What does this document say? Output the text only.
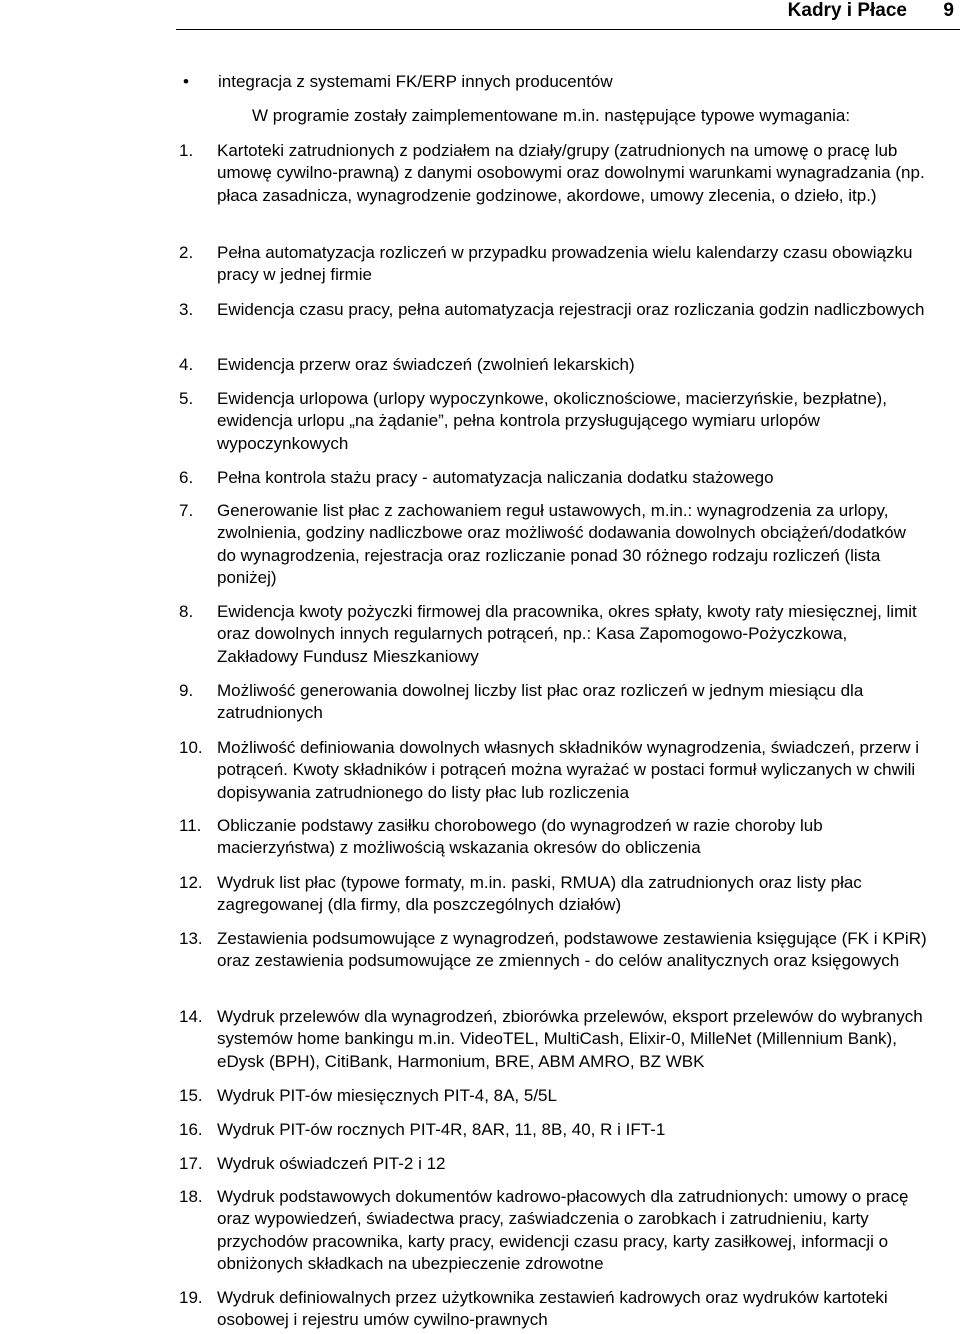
Kadry i Płace 9
• integracja z systemami FK/ERP innych producentów
W programie zostały zaimplementowane m.in. następujące typowe wymagania:
1. Kartoteki zatrudnionych z podziałem na działy/grupy (zatrudnionych na umowę o pracę lub umowę cywilno-prawną) z danymi osobowymi oraz dowolnymi warunkami wynagradzania (np. płaca zasadnicza, wynagrodzenie godzinowe, akordowe, umowy zlecenia, o dzieło, itp.)
2. Pełna automatyzacja rozliczeń w przypadku prowadzenia wielu kalendarzy czasu obowiązku pracy w jednej firmie
3. Ewidencja czasu pracy, pełna automatyzacja rejestracji oraz rozliczania godzin nadliczbowych
4. Ewidencja przerw oraz świadczeń (zwolnień lekarskich)
5. Ewidencja urlopowa (urlopy wypoczynkowe, okolicznościowe, macierzyńskie, bezpłatne), ewidencja urlopu „na żądanie”, pełna kontrola przysługującego wymiaru urlopów wypoczynkowych
6. Pełna kontrola stażu pracy - automatyzacja naliczania dodatku stażowego
7. Generowanie list płac z zachowaniem reguł ustawowych, m.in.: wynagrodzenia za urlopy, zwolnienia, godziny nadliczbowe oraz możliwość dodawania dowolnych obciążeń/dodatków do wynagrodzenia, rejestracja oraz rozliczanie ponad 30 różnego rodzaju rozliczeń (lista poniżej)
8. Ewidencja kwoty pożyczki firmowej dla pracownika, okres spłaty, kwoty raty miesięcznej, limit oraz dowolnych innych regularnych potrąceń, np.: Kasa Zapomogowo-Pożyczkowa, Zakładowy Fundusz Mieszkaniowy
9. Możliwość generowania dowolnej liczby list płac oraz rozliczeń w jednym miesiącu dla zatrudnionych
10. Możliwość definiowania dowolnych własnych składników wynagrodzenia, świadczeń, przerw i potrąceń. Kwoty składników i potrąceń można wyrażać w postaci formuł wyliczanych w chwili dopisywania zatrudnionego do listy płac lub rozliczenia
11. Obliczanie podstawy zasiłku chorobowego (do wynagrodzeń w razie choroby lub macierzyństwa) z możliwością wskazania okresów do obliczenia
12. Wydruk list płac (typowe formaty, m.in. paski, RMUA) dla zatrudnionych oraz listy płac zagregowanej (dla firmy, dla poszczególnych działów)
13. Zestawienia podsumowujące z wynagrodzeń, podstawowe zestawienia księgujące (FK i KPiR) oraz zestawienia podsumowujące ze zmiennych - do celów analitycznych oraz księgowych
14. Wydruk przelewów dla wynagrodzeń, zbiorówka przelewów, eksport przelewów do wybranych systemów home bankingu m.in. VideoTEL, MultiCash, Elixir-0, MilleNet (Millennium Bank), eDysk (BPH), CitiBank, Harmonium, BRE, ABM AMRO, BZ WBK
15. Wydruk PIT-ów miesięcznych PIT-4, 8A, 5/5L
16. Wydruk PIT-ów rocznych PIT-4R, 8AR, 11, 8B, 40, R i IFT-1
17. Wydruk oświadczeń PIT-2 i 12
18. Wydruk podstawowych dokumentów kadrowo-płacowych dla zatrudnionych: umowy o pracę oraz wypowiedzeń, świadectwa pracy, zaświadczenia o zarobkach i zatrudnieniu, karty przychodów pracownika, karty pracy, ewidencji czasu pracy, karty zasiłkowej, informacji o obniżonych składkach na ubezpieczenie zdrowotne
19. Wydruk definiowalnych przez użytkownika zestawień kadrowych oraz wydruków kartoteki osobowej i rejestru umów cywilno-prawnych
